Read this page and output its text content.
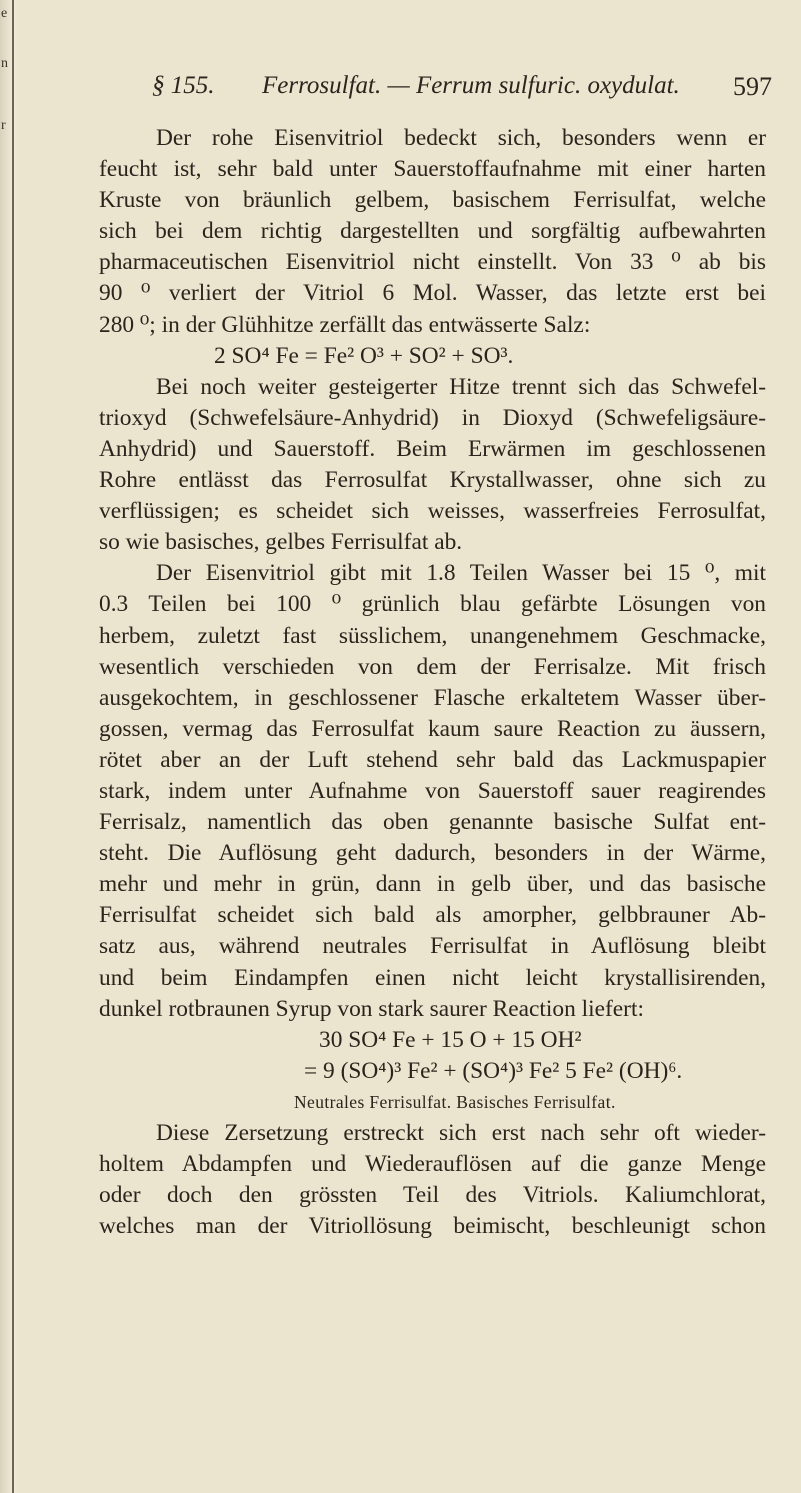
e
n
r
§ 155. Ferrosulfat. — Ferrum sulfuric. oxydulat. 597
Der rohe Eisenvitriol bedeckt sich, besonders wenn er
feucht ist, sehr bald unter Sauerstoffaufnahme mit einer harten
Kruste von bräunlich gelbem, basischem Ferrisulfat, welche
sich bei dem richtig dargestellten und sorgfältig aufbewahrten
pharmaceutischen Eisenvitriol nicht einstellt. Von 33 ⁰ ab bis
90 ⁰ verliert der Vitriol 6 Mol. Wasser, das letzte erst bei
280 ⁰; in der Glühhitze zerfällt das entwässerte Salz:
2 SO⁴ Fe = Fe² O³ + SO² + SO³.
Bei noch weiter gesteigerter Hitze trennt sich das Schwefel-
trioxyd (Schwefelsäure-Anhydrid) in Dioxyd (Schwefeligsäure-
Anhydrid) und Sauerstoff. Beim Erwärmen im geschlossenen
Rohre entlässt das Ferrosulfat Krystallwasser, ohne sich zu
verflüssigen; es scheidet sich weisses, wasserfreies Ferrosulfat,
so wie basisches, gelbes Ferrisulfat ab.
Der Eisenvitriol gibt mit 1.8 Teilen Wasser bei 15 ⁰, mit
0.3 Teilen bei 100 ⁰ grünlich blau gefärbte Lösungen von
herbem, zuletzt fast süsslichem, unangenehmem Geschmacke,
wesentlich verschieden von dem der Ferrisalze. Mit frisch
ausgekochtem, in geschlossener Flasche erkaltetem Wasser über-
gossen, vermag das Ferrosulfat kaum saure Reaction zu äussern,
rötet aber an der Luft stehend sehr bald das Lackmuspapier
stark, indem unter Aufnahme von Sauerstoff sauer reagirendes
Ferrisalz, namentlich das oben genannte basische Sulfat ent-
steht. Die Auflösung geht dadurch, besonders in der Wärme,
mehr und mehr in grün, dann in gelb über, und das basische
Ferrisulfat scheidet sich bald als amorpher, gelbbrauner Ab-
satz aus, während neutrales Ferrisulfat in Auflösung bleibt
und beim Eindampfen einen nicht leicht krystallisirenden,
dunkel rotbraunen Syrup von stark saurer Reaction liefert:
30 SO⁴ Fe + 15 O + 15 OH²
= 9 (SO⁴)³ Fe² + (SO⁴)³ Fe² 5 Fe² (OH)⁶.
Neutrales Ferrisulfat. Basisches Ferrisulfat.
Diese Zersetzung erstreckt sich erst nach sehr oft wieder-
holtem Abdampfen und Wiederauflösen auf die ganze Menge
oder doch den grössten Teil des Vitriols. Kaliumchlorat,
welches man der Vitriollösung beimischt, beschleunigt schon
